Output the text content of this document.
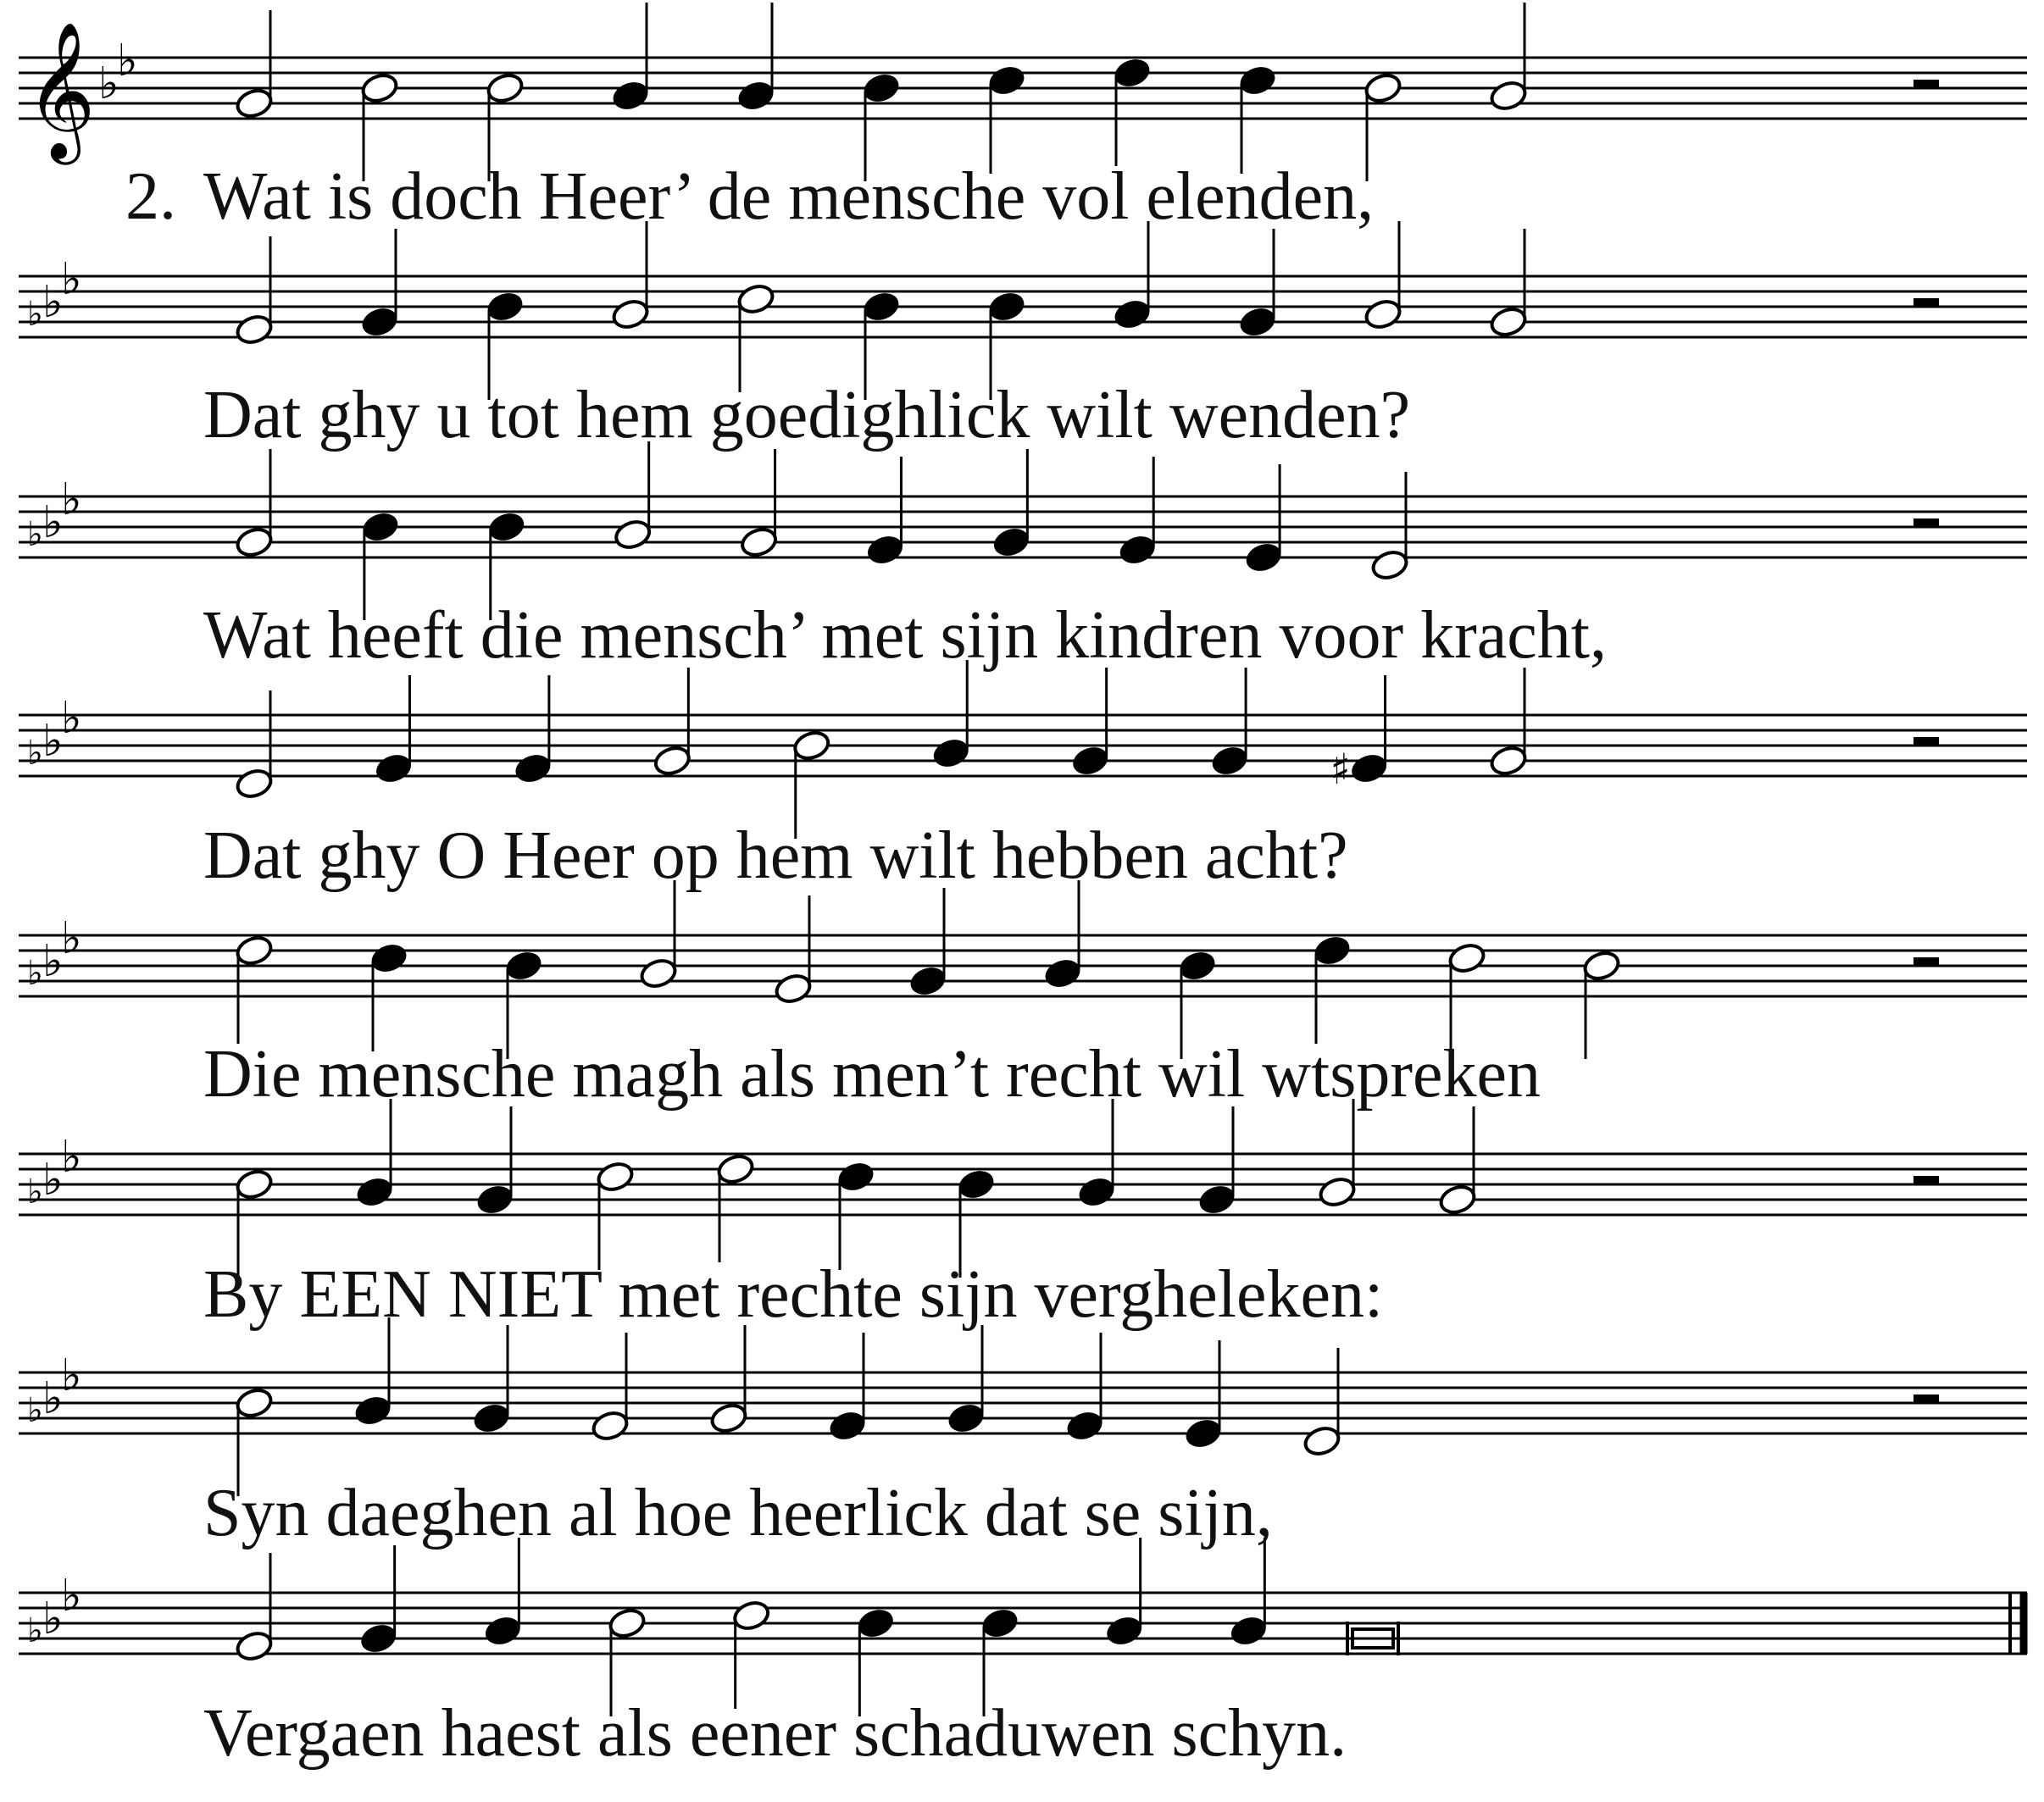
𝄞 ♭
♭
♭ ♭
♭
♭ ♭
♭
♭ ♭
♭
♯
♭ ♭
♭
♭ ♭
♭
♭ ♭
♭
♭ ♭
♭
2. Wat is doch Heer’ de mensche vol elenden,
Dat ghy u tot hem goedighlick wilt wenden?
Wat heeft die mensch’ met sijn kindren voor kracht,
Dat ghy O Heer op hem wilt hebben acht?
Die mensche magh als men’t recht wil wtspreken
By EEN NIET met rechte sijn vergheleken:
Syn daeghen al hoe heerlick dat se sijn,
Vergaen haest als eener schaduwen schyn.
